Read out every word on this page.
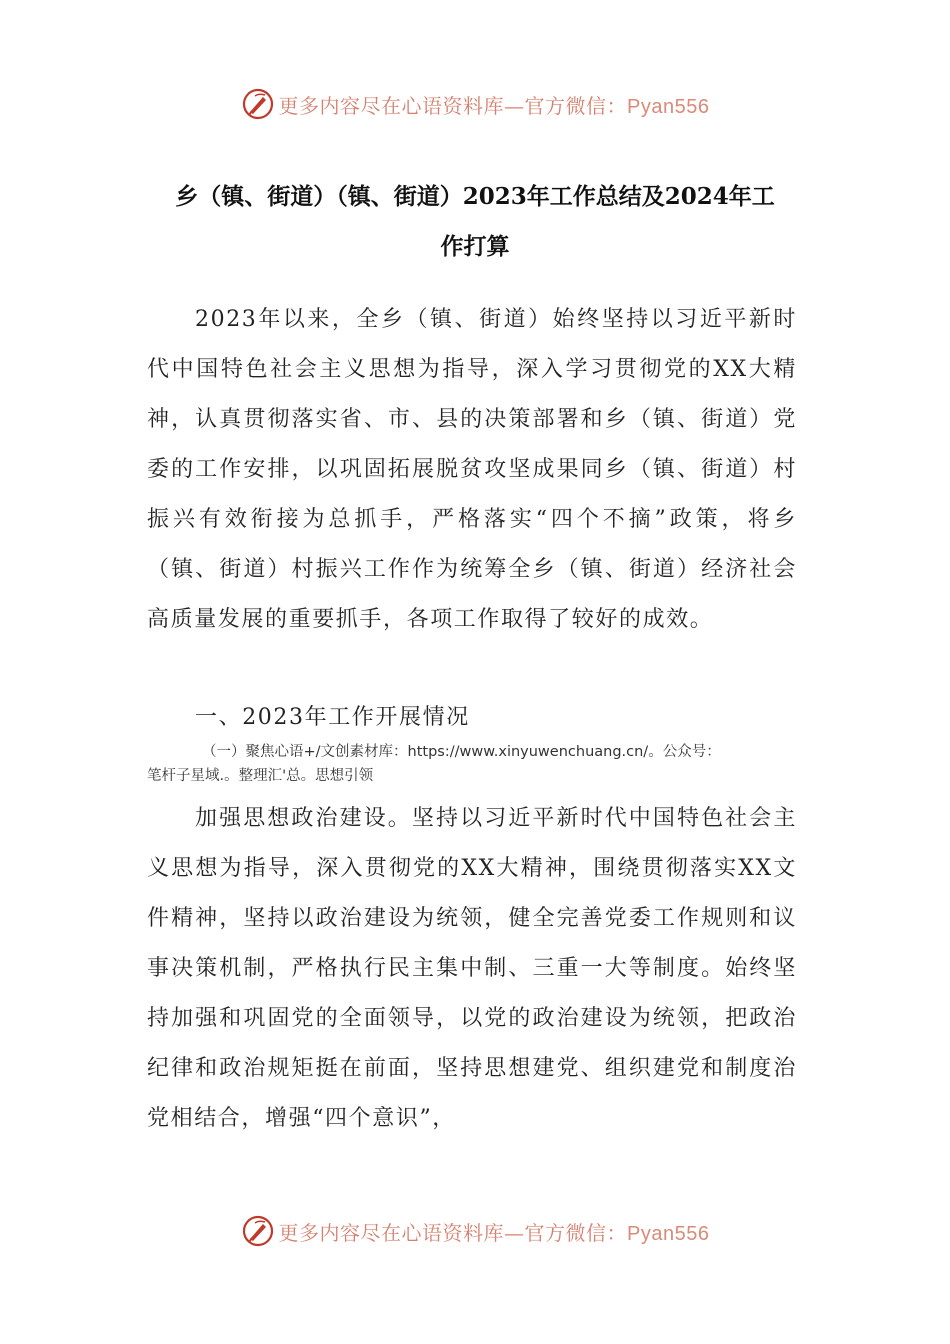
更多内容尽在心语资料库—官方微信：Pyan556
乡（镇、街道）（镇、街道）2023年工作总结及2024年工
作打算
2023年以来，全乡（镇、街道）始终坚持以习近平新时代中国特色社会主义思想为指导，深入学习贯彻党的XX大精神，认真贯彻落实省、市、县的决策部署和乡（镇、街道）党委的工作安排，以巩固拓展脱贫攻坚成果同乡（镇、街道）村振兴有效衔接为总抓手，严格落实“四个不摘”政策，将乡（镇、街道）村振兴工作作为统筹全乡（镇、街道）经济社会高质量发展的重要抓手，各项工作取得了较好的成效。
一、2023年工作开展情况
（一）聚焦心语+/文创素材库：https://www.xinyuwenchuang.cn/。公众号：
笔杆子星域.。整理汇'总。思想引领
加强思想政治建设。坚持以习近平新时代中国特色社会主义思想为指导，深入贯彻党的XX大精神，围绕贯彻落实XX文件精神，坚持以政治建设为统领，健全完善党委工作规则和议事决策机制，严格执行民主集中制、三重一大等制度。始终坚持加强和巩固党的全面领导，以党的政治建设为统领，把政治纪律和政治规矩挺在前面，坚持思想建党、组织建党和制度治党相结合，增强“四个意识”，
更多内容尽在心语资料库—官方微信：Pyan556
